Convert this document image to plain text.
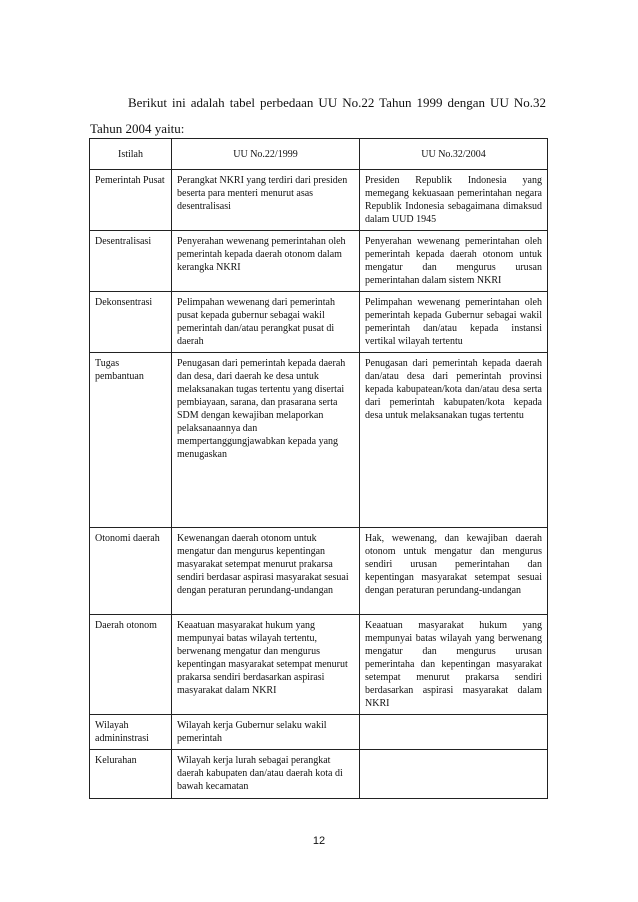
Berikut ini adalah tabel perbedaan UU No.22 Tahun 1999 dengan UU No.32 Tahun 2004 yaitu:

Istilah	UU No.22/1999	UU No.32/2004
Pemerintah Pusat	Perangkat NKRI yang terdiri dari presiden beserta para menteri menurut asas desentralisasi	Presiden Republik Indonesia yang memegang kekuasaan pemerintahan negara Republik Indonesia sebagaimana dimaksud dalam UUD 1945
Desentralisasi	Penyerahan wewenang pemerintahan oleh pemerintah kepada daerah otonom dalam kerangka NKRI	Penyerahan wewenang pemerintahan oleh pemerintah kepada daerah otonom untuk mengatur dan mengurus urusan pemerintahan dalam sistem NKRI
Dekonsentrasi	Pelimpahan wewenang dari pemerintah pusat kepada gubernur sebagai wakil pemerintah dan/atau perangkat pusat di daerah	Pelimpahan wewenang pemerintahan oleh pemerintah kepada Gubernur sebagai wakil pemerintah dan/atau kepada instansi vertikal wilayah tertentu
Tugas pembantuan	Penugasan dari pemerintah kepada daerah dan desa, dari daerah ke desa untuk melaksanakan tugas tertentu yang disertai pembiayaan, sarana, dan prasarana serta SDM dengan kewajiban melaporkan pelaksanaannya dan mempertanggungjawabkan kepada yang menugaskan	Penugasan dari pemerintah kepada daerah dan/atau desa dari pemerintah provinsi kepada kabupatean/kota dan/atau desa serta dari pemerintah kabupaten/kota kepada desa untuk melaksanakan tugas tertentu
Otonomi daerah	Kewenangan daerah otonom untuk mengatur dan mengurus kepentingan masyarakat setempat menurut prakarsa sendiri berdasar aspirasi masyarakat sesuai dengan peraturan perundang-undangan	Hak, wewenang, dan kewajiban daerah otonom untuk mengatur dan mengurus sendiri urusan pemerintahan dan kepentingan masyarakat setempat sesuai dengan peraturan perundang-undangan
Daerah otonom	Keaatuan masyarakat hukum yang mempunyai batas wilayah tertentu, berwenang mengatur dan mengurus kepentingan masyarakat setempat menurut prakarsa sendiri berdasarkan aspirasi masyarakat dalam NKRI	Keaatuan masyarakat hukum yang mempunyai batas wilayah yang berwenang mengatur dan mengurus urusan pemerintaha dan kepentingan masyarakat setempat menurut prakarsa sendiri berdasarkan aspirasi masyarakat dalam NKRI
Wilayah admininstrasi	Wilayah kerja Gubernur selaku wakil pemerintah	
Kelurahan	Wilayah kerja lurah sebagai perangkat daerah kabupaten dan/atau daerah kota di bawah kecamatan	
12
